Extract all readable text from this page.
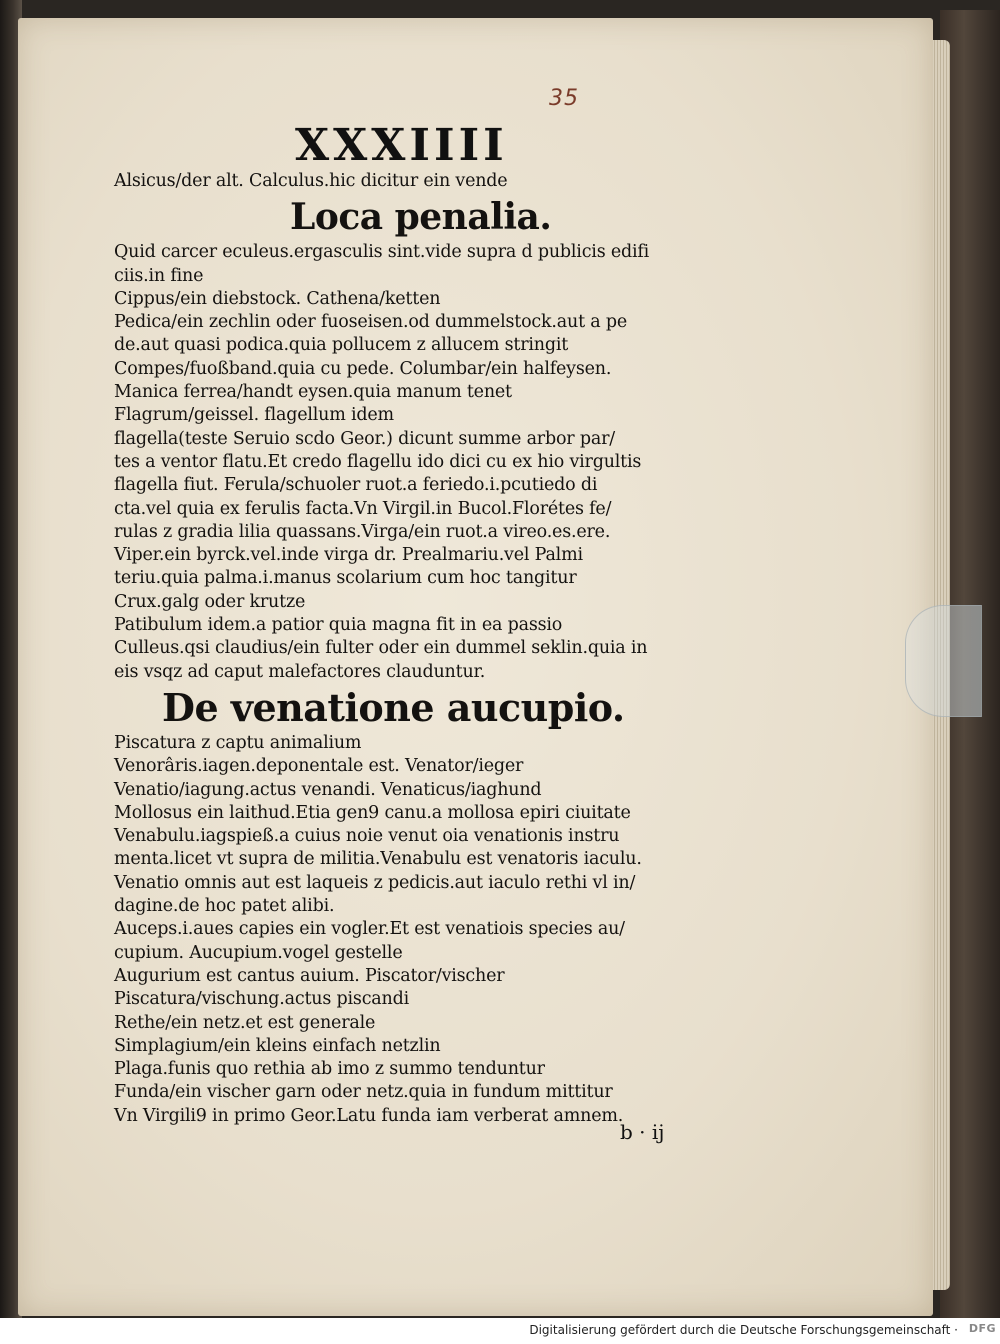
35
XXXIIII
Alsicus/der alt. Calculus.hic dicitur ein vende
Loca penalia.
Quid carcer eculeus.ergasculis sint.vide supra d publicis edifi
ciis.in fine
Cippus/ein diebstock. Cathena/ketten
Pedica/ein zechlin oder fuoseisen.od dummelstock.aut a pe
de.aut quasi podica.quia pollucem z allucem stringit
Compes/fuoßband.quia cu pede. Columbar/ein halfeysen.
Manica ferrea/handt eysen.quia manum tenet
Flagrum/geissel. flagellum idem
flagella(teste Seruio scdo Geor.) dicunt summe arbor par/
tes a ventor flatu.Et credo flagellu ido dici cu ex hio virgultis
flagella fiut. Ferula/schuoler ruot.a feriedo.i.pcutiedo di
cta.vel quia ex ferulis facta.Vn Virgil.in Bucol.Florétes fe/
rulas z gradia lilia quassans.Virga/ein ruot.a vireo.es.ere.
Viper.ein byrck.vel.inde virga dr. Prealmariu.vel Palmi
teriu.quia palma.i.manus scolarium cum hoc tangitur
Crux.galg oder krutze
Patibulum idem.a patior quia magna fit in ea passio
Culleus.qsi claudius/ein fulter oder ein dummel seklin.quia in
eis vsqz ad caput malefactores clauduntur.
De venatione aucupio.
Piscatura z captu animalium
Venorâris.iagen.deponentale est. Venator/ieger
Venatio/iagung.actus venandi. Venaticus/iaghund
Mollosus ein laithud.Etia gen9 canu.a mollosa epiri ciuitate
Venabulu.iagspieß.a cuius noie venut oia venationis instru
menta.licet vt supra de militia.Venabulu est venatoris iaculu.
Venatio omnis aut est laqueis z pedicis.aut iaculo rethi vl in/
dagine.de hoc patet alibi.
Auceps.i.aues capies ein vogler.Et est venatiois species au/
cupium. Aucupium.vogel gestelle
Augurium est cantus auium. Piscator/vischer
Piscatura/vischung.actus piscandi
Rethe/ein netz.et est generale
Simplagium/ein kleins einfach netzlin
Plaga.funis quo rethia ab imo z summo tenduntur
Funda/ein vischer garn oder netz.quia in fundum mittitur
Vn Virgili9 in primo Geor.Latu funda iam verberat amnem.
b · ij
Digitalisierung gefördert durch die Deutsche Forschungsgemeinschaft · DFG
